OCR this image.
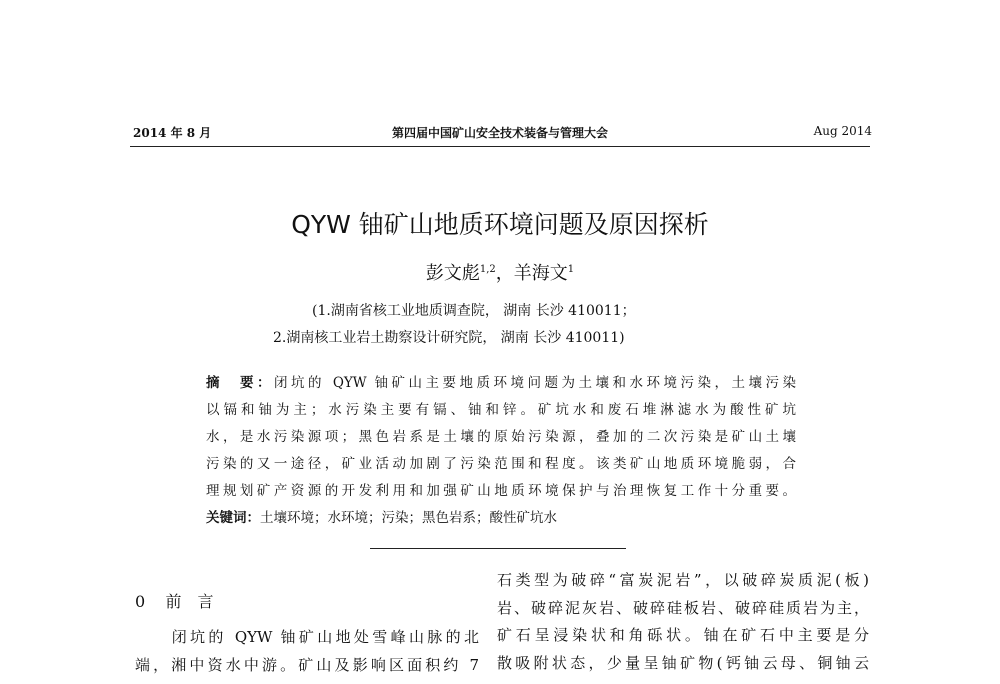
2014 年 8 月	第四届中国矿山安全技术装备与管理大会	Aug 2014
QYW 铀矿山地质环境问题及原因探析
彭文彪$^{1,2}$，羊海文$^1$
(1.湖南省核工业地质调查院， 湖南 长沙 410011；
2.湖南核工业岩土勘察设计研究院， 湖南 长沙 410011)
摘　要：闭坑的 QYW 铀矿山主要地质环境问题为土壤和水环境污染，土壤污染
以镉和铀为主；水污染主要有镉、铀和锌。矿坑水和废石堆淋滤水为酸性矿坑
水，是水污染源项；黑色岩系是土壤的原始污染源，叠加的二次污染是矿山土壤
污染的又一途径，矿业活动加剧了污染范围和程度。该类矿山地质环境脆弱，合
理规划矿产资源的开发利用和加强矿山地质环境保护与治理恢复工作十分重要。
关键词：土壤环境；水环境；污染；黑色岩系；酸性矿坑水
0 前　言
　　闭坑的 QYW 铀矿山地处雪峰山脉的北
端，湘中资水中游。矿山及影响区面积约 7
石类型为破碎“富炭泥岩”，以破碎炭质泥(板)
岩、破碎泥灰岩、破碎硅板岩、破碎硅质岩为主，
矿石呈浸染状和角砾状。铀在矿石中主要是分
散吸附状态，少量呈铀矿物(钙铀云母、铜铀云
